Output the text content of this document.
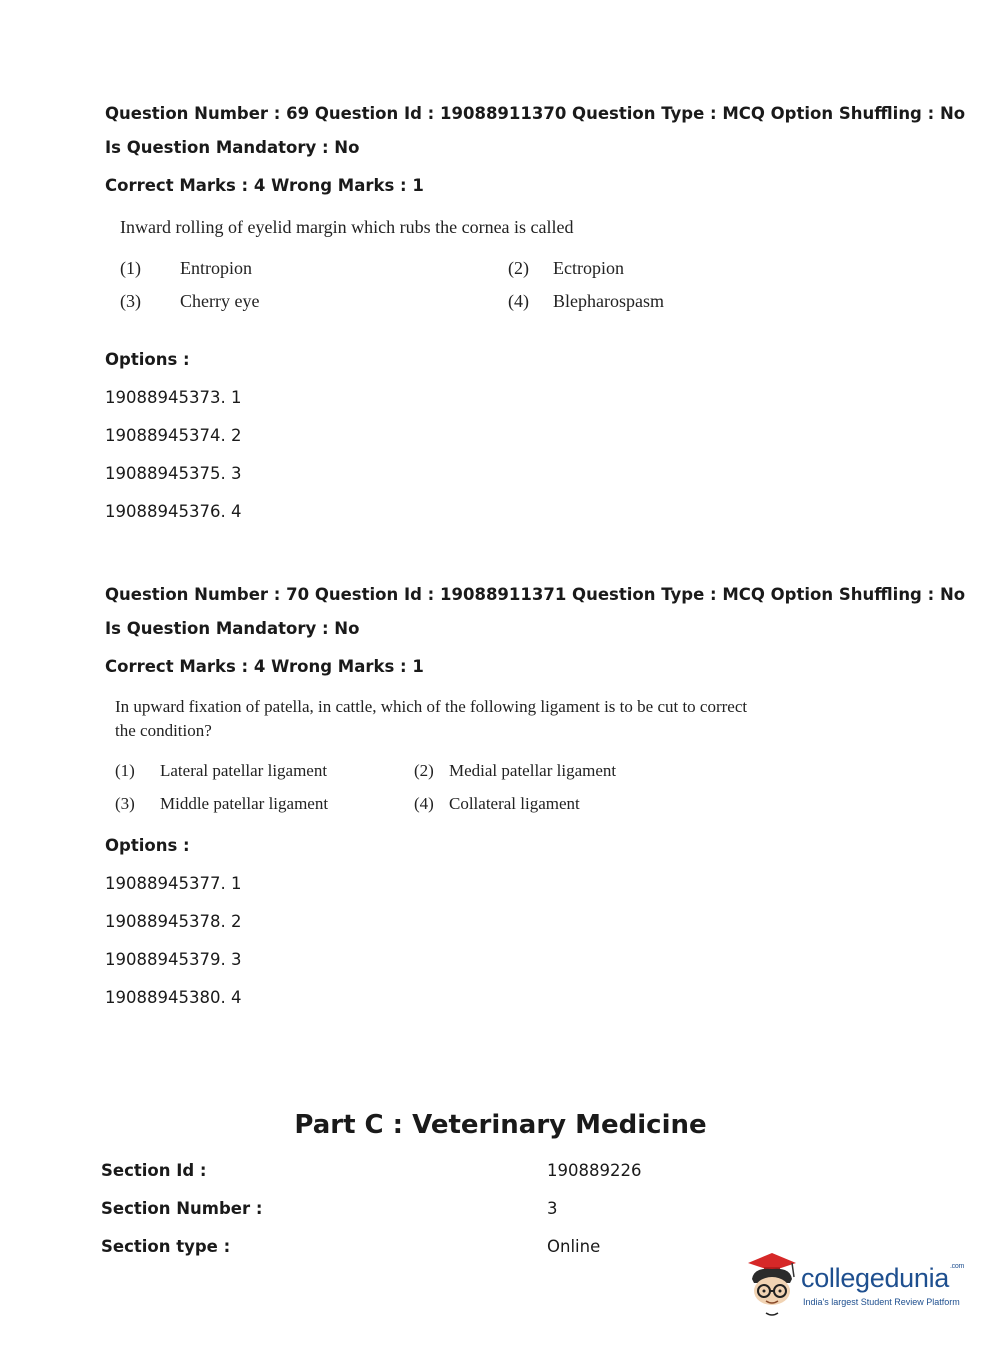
Question Number : 69 Question Id : 19088911370 Question Type : MCQ Option Shuffling : No
Is Question Mandatory : No
Correct Marks : 4 Wrong Marks : 1
Inward rolling of eyelid margin which rubs the cornea is called
(1) Entropion	(2) Ectropion
(3) Cherry eye	(4) Blepharospasm
Options :
19088945373. 1
19088945374. 2
19088945375. 3
19088945376. 4
Question Number : 70 Question Id : 19088911371 Question Type : MCQ Option Shuffling : No
Is Question Mandatory : No
Correct Marks : 4 Wrong Marks : 1
In upward fixation of patella, in cattle, which of the following ligament is to be cut to correct
the condition?
(1) Lateral patellar ligament	(2) Medial patellar ligament
(3) Middle patellar ligament	(4) Collateral ligament
Options :
19088945377. 1
19088945378. 2
19088945379. 3
19088945380. 4
Part C : Veterinary Medicine
Section Id :	190889226
Section Number :	3
Section type :	Online
collegedunia$^{.com}$
India's largest Student Review Platform
